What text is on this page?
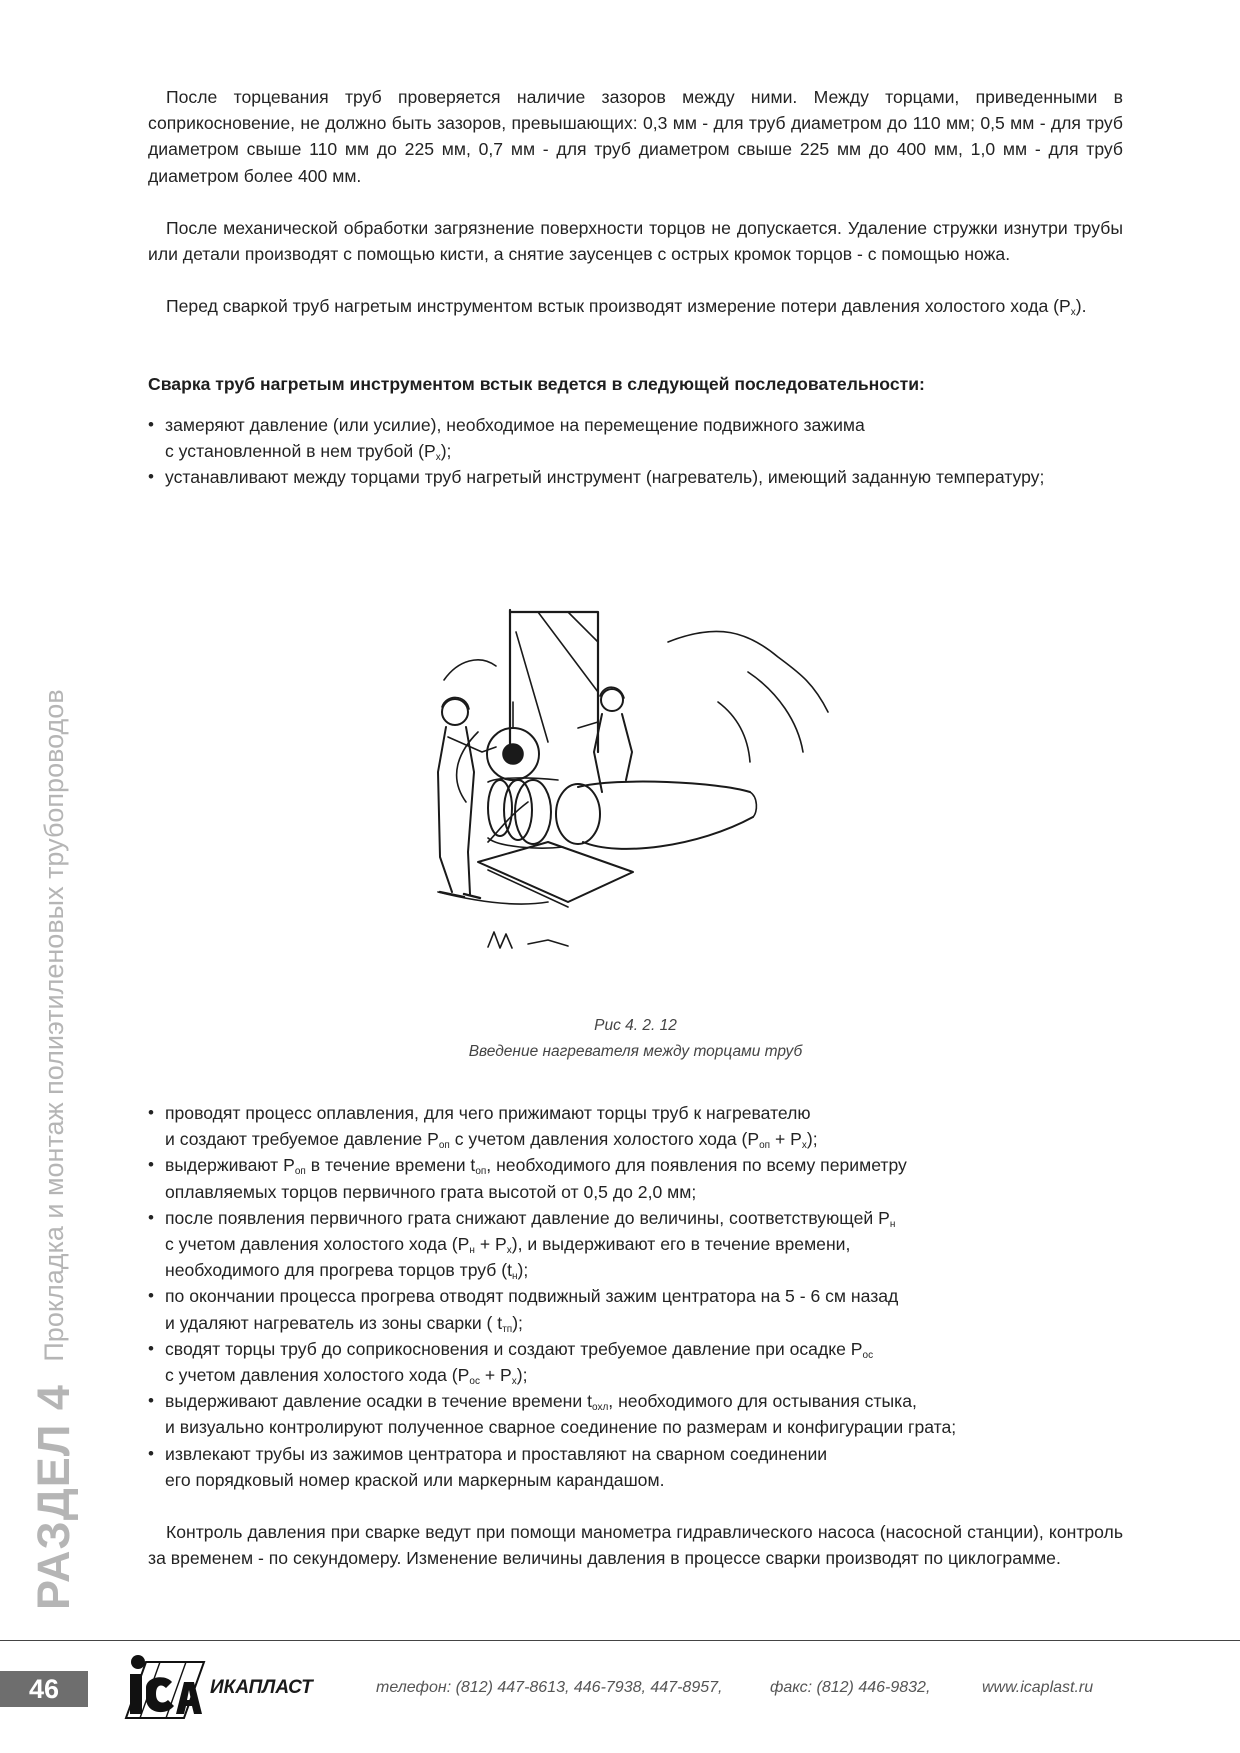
РАЗДЕЛ 4 Прокладка и монтаж полиэтиленовых трубопроводов

После торцевания труб проверяется наличие зазоров между ними. Между торцами, приведенными в соприкосновение, не должно быть зазоров, превышающих: 0,3 мм - для труб диаметром до 110 мм; 0,5 мм - для труб диаметром свыше 110 мм до 225 мм, 0,7 мм - для труб диаметром свыше 225 мм до 400 мм, 1,0 мм - для труб диаметром более 400 мм.

После механической обработки загрязнение поверхности торцов не допускается. Удаление стружки изнутри трубы или детали производят с помощью кисти, а снятие заусенцев с острых кромок торцов - с помощью ножа.

Перед сваркой труб нагретым инструментом встык производят измерение потери давления холостого хода $(P_x)$.

Сварка труб нагретым инструментом встык ведется в следующей последовательности:

• замеряют давление (или усилие), необходимое на перемещение подвижного зажима
с установленной в нем трубой $(P_x)$;
• устанавливают между торцами труб нагретый инструмент (нагреватель), имеющий заданную температуру;
Рис 4. 2. 12
Введение нагревателя между торцами труб
• проводят процесс оплавления, для чего прижимают торцы труб к нагревателю
и создают требуемое давление $P_{оп}$ с учетом давления холостого хода $(P_{оп} + P_x)$;
• выдерживают $P_{оп}$ в течение времени $t_{оп}$, необходимого для появления по всему периметру
оплавляемых торцов первичного грата высотой от 0,5 до 2,0 мм;
• после появления первичного грата снижают давление до величины, соответствующей $P_н$
с учетом давления холостого хода $(P_н + P_x)$, и выдерживают его в течение времени,
необходимого для прогрева торцов труб $(t_н)$;
• по окончании процесса прогрева отводят подвижный зажим центратора на 5 - 6 см назад
и удаляют нагреватель из зоны сварки ( $t_{тп}$);
• сводят торцы труб до соприкосновения и создают требуемое давление при осадке $P_{ос}$
с учетом давления холостого хода $(P_{ос} + P_x)$;
• выдерживают давление осадки в течение времени $t_{охл}$, необходимого для остывания стыка,
и визуально контролируют полученное сварное соединение по размерам и конфигурации грата;
• извлекают трубы из зажимов центратора и проставляют на сварном соединении
его порядковый номер краской или маркерным карандашом.

Контроль давления при сварке ведут при помощи манометра гидравлического насоса (насосной станции), контроль за временем - по секундомеру. Изменение величины давления в процессе сварки производят по циклограмме.

46	ИКАПЛАСТ	телефон: (812) 447-8613, 446-7938, 447-8957,	факс: (812) 446-9832,	www.icaplast.ru
